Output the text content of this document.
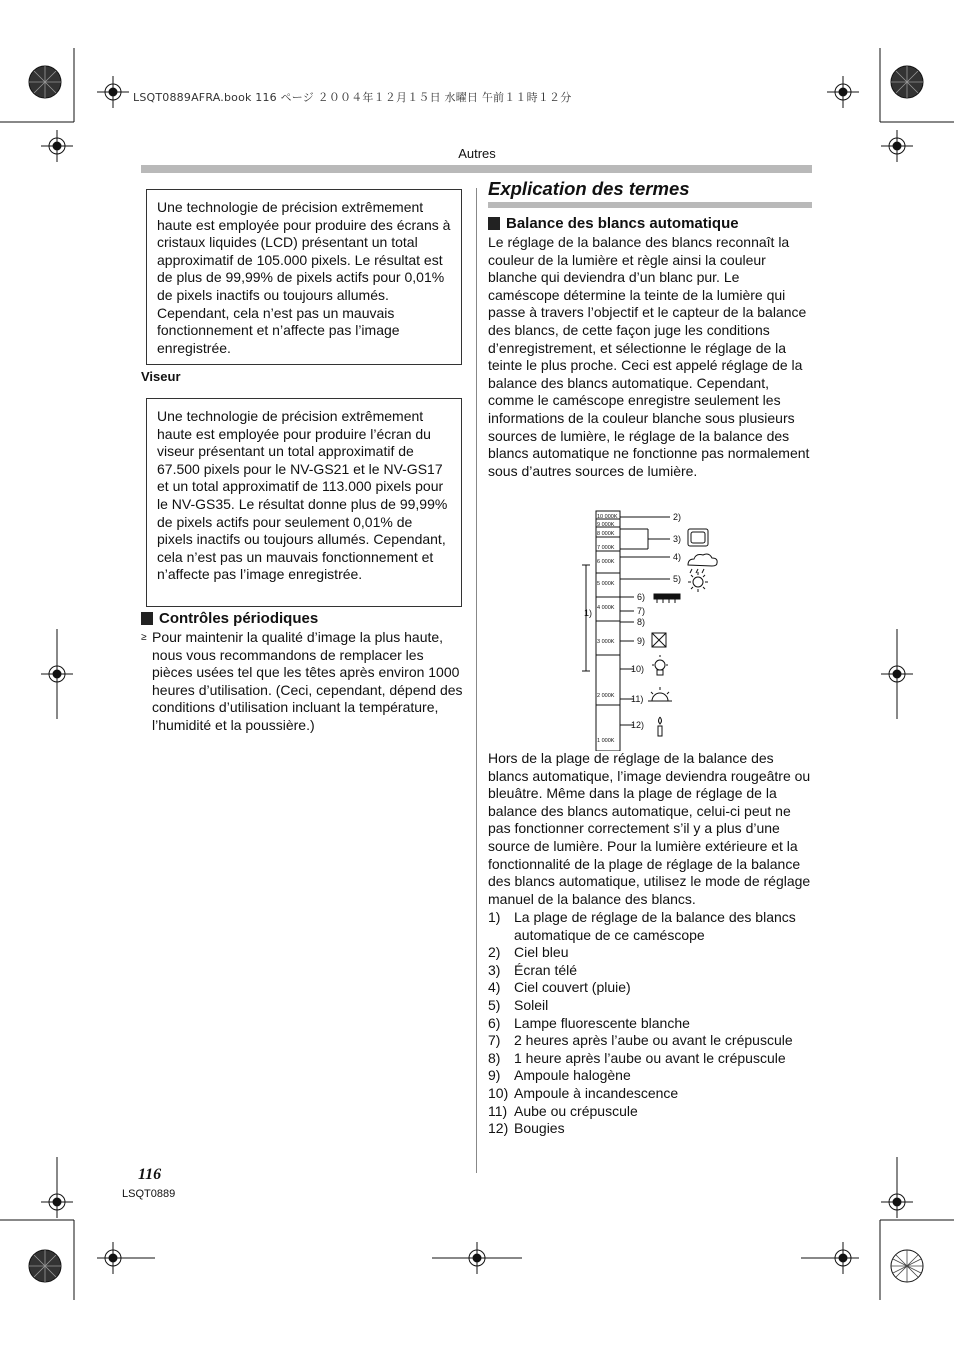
LSQT0889AFRA.book 116 ページ ２００４年１２月１５日 水曜日 午前１１時１２分
Autres
Une technologie de précision extrêmement haute est employée pour produire des écrans à cristaux liquides (LCD) présentant un total approximatif de 105.000 pixels. Le résultat est de plus de 99,99% de pixels actifs pour 0,01% de pixels inactifs ou toujours allumés. Cependant, cela n’est pas un mauvais fonctionnement et n’affecte pas l’image enregistrée.
Viseur
Une technologie de précision extrêmement haute est employée pour produire l’écran du viseur présentant un total approximatif de 67.500 pixels pour le NV-GS21 et le NV-GS17 et un total approximatif de 113.000 pixels pour le NV-GS35. Le résultat donne plus de 99,99% de pixels actifs pour seulement 0,01% de pixels inactifs ou toujours allumés. Cependant, cela n’est pas un mauvais fonctionnement et n’affecte pas l’image enregistrée.
Contrôles périodiques
≥ Pour maintenir la qualité d’image la plus haute, nous vous recommandons de remplacer les pièces usées tel que les têtes après environ 1000 heures d’utilisation. (Ceci, cependant, dépend des conditions d’utilisation incluant la température, l’humidité et la poussière.)
Explication des termes
Balance des blancs automatique
Le réglage de la balance des blancs reconnaît la couleur de la lumière et règle ainsi la couleur blanche qui deviendra d’un blanc pur. Le caméscope détermine la teinte de la lumière qui passe à travers l’objectif et le capteur de la balance des blancs, de cette façon juge les conditions d’enregistrement, et sélectionne le réglage de la teinte le plus proche. Ceci est appelé réglage de la balance des blancs automatique. Cependant, comme le caméscope enregistre seulement les informations de la couleur blanche sous plusieurs sources de lumière, le réglage de la balance des blancs automatique ne fonctionne pas normalement sous d’autres sources de lumière.
10 000K
9 000K
8 000K
7 000K
6 000K
5 000K
4 000K
3 000K
2 000K
1 000K
1)
2)
3)
4)
5)
6)
7)
8)
9)
10)
11)
12)
Hors de la plage de réglage de la balance des blancs automatique, l’image deviendra rougeâtre ou bleuâtre. Même dans la plage de réglage de la balance des blancs automatique, celui-ci peut ne pas fonctionner correctement s’il y a plus d’une source de lumière. Pour la lumière extérieure et la fonctionnalité de la plage de réglage de la balance des blancs automatique, utilisez le mode de réglage manuel de la balance des blancs.
1) La plage de réglage de la balance des blancs automatique de ce caméscope
2) Ciel bleu
3) Écran télé
4) Ciel couvert (pluie)
5) Soleil
6) Lampe fluorescente blanche
7) 2 heures après l’aube ou avant le crépuscule
8) 1 heure après l’aube ou avant le crépuscule
9) Ampoule halogène
10) Ampoule à incandescence
11) Aube ou crépuscule
12) Bougies
116
LSQT0889
